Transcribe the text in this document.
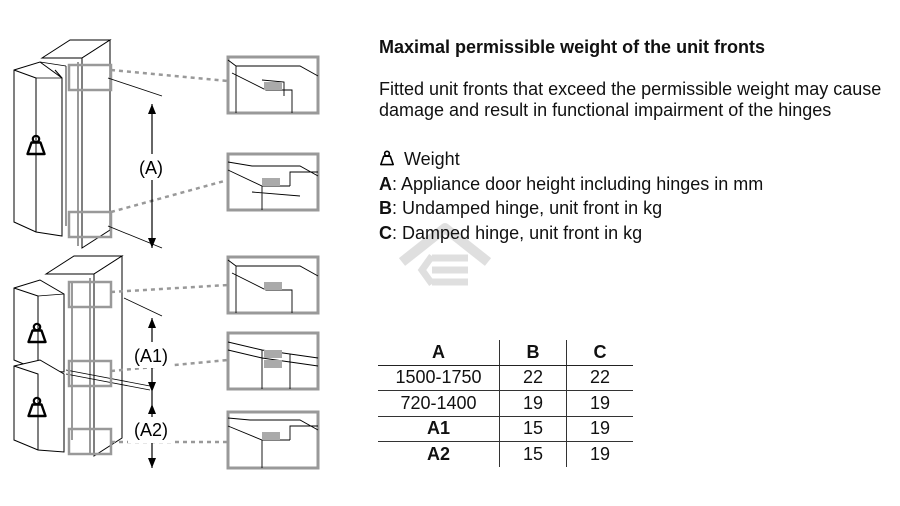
(A)
(A1)
(A2)
Maximal permissible weight of the unit fronts
Fitted unit fronts that exceed the permissible weight may cause damage and result in functional impairment of the hinges
Weight
A: Appliance door height including hinges in mm
B: Undamped hinge, unit front in kg
C: Damped hinge, unit front in kg
A	B	C
1500-1750	22	22
720-1400	19	19
A1	15	19
A2	15	19
